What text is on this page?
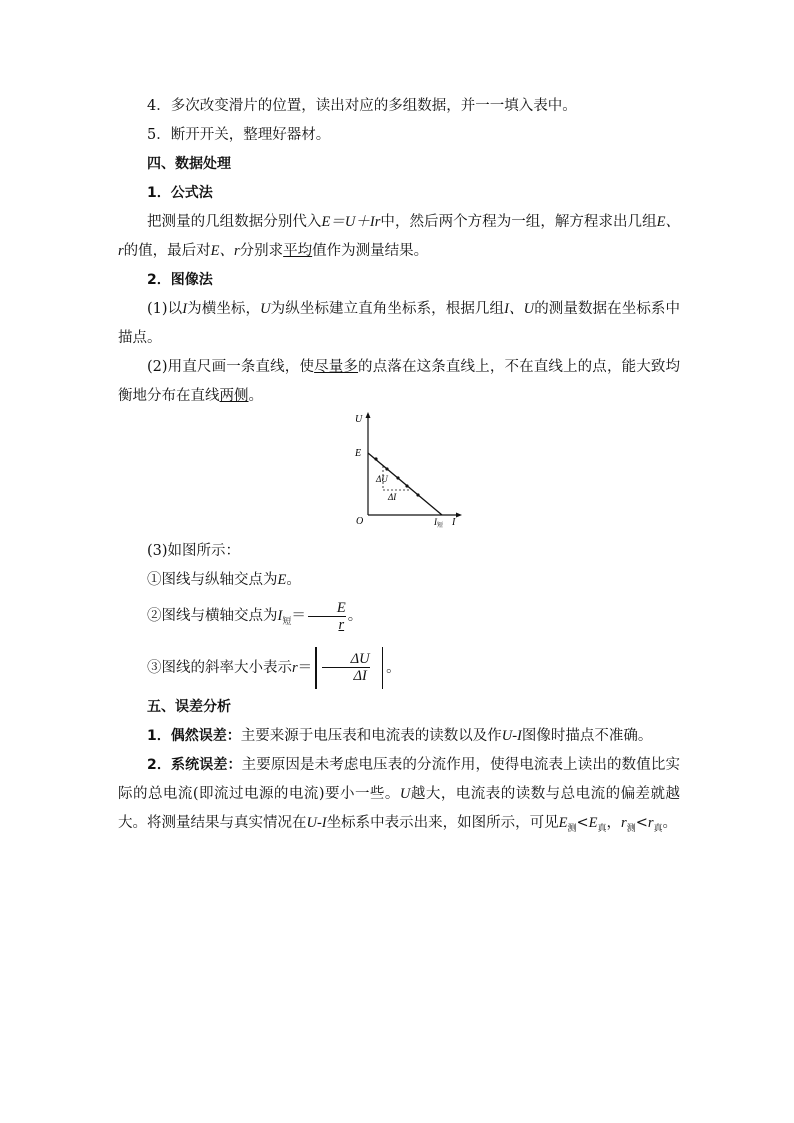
4．多次改变滑片的位置，读出对应的多组数据，并一一填入表中。

5．断开开关，整理好器材。

四、数据处理

1．公式法

把测量的几组数据分别代入E＝U＋Ir中，然后两个方程为一组，解方程求出几组E、r的值，最后对E、r分别求平均值作为测量结果。

2．图像法

(1)以I为横坐标，U为纵坐标建立直角坐标系，根据几组I、U的测量数据在坐标系中描点。

(2)用直尺画一条直线，使尽量多的点落在这条直线上，不在直线上的点，能大致均衡地分布在直线两侧。

U
E
O	I
$I_短$
ΔU
ΔI

(3)如图所示：

①图线与纵轴交点为E。

②图线与横轴交点为$I_短= \frac{E}{r}$ 。

③图线的斜率大小表示$r= \frac{\Delta U}{\Delta I}$ 。

五、误差分析

1．偶然误差：主要来源于电压表和电流表的读数以及作U-I图像时描点不准确。

2．系统误差：主要原因是未考虑电压表的分流作用，使得电流表上读出的数值比实际的总电流(即流过电源的电流)要小一些。U越大，电流表的读数与总电流的偏差就越大。将测量结果与真实情况在U-I坐标系中表示出来，如图所示，可见$E_测<E_真$，$r_测<r_真$。
